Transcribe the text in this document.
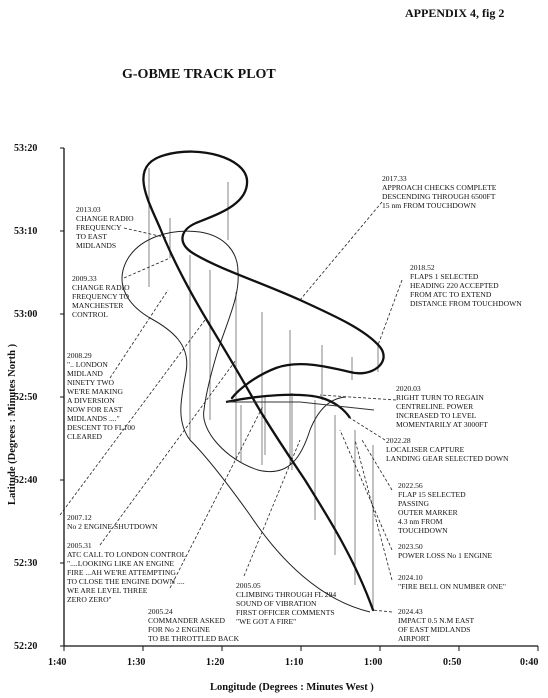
APPENDIX 4, fig 2
G-OBME TRACK PLOT
53:20
53:10
53:00
52:50
52:40
52:30
52:20
1:40	1:30	1:20	1:10	1:00	0:50	0:40
Longitude (Degrees : Minutes West )
Latitude (Degrees : Minutes North )
2013.03 CHANGE RADIO FREQUENCY TO EAST MIDLANDS
2009.33 CHANGE RADIO FREQUENCY TO MANCHESTER CONTROL
2008.29 ".. LONDON MIDLAND NINETY TWO WE'RE MAKING A DIVERSION NOW FOR EAST MIDLANDS ...." DESCENT TO FL100 CLEARED
2007.12 No 2 ENGINE SHUTDOWN
2005.31 ATC CALL TO LONDON CONTROL "....LOOKING LIKE AN ENGINE FIRE ...AH WE'RE ATTEMPTING TO CLOSE THE ENGINE DOWN .... WE ARE LEVEL THREE ZERO ZERO"
2005.24 COMMANDER ASKED FOR No 2 ENGINE TO BE THROTTLED BACK
2005.05 CLIMBING THROUGH FL 294 SOUND OF VIBRATION FIRST OFFICER COMMENTS "WE GOT A FIRE"
2017.33 APPROACH CHECKS COMPLETE DESCENDING THROUGH 6500FT 15 nm FROM TOUCHDOWN
2018.52 FLAPS 1 SELECTED HEADING 220 ACCEPTED FROM ATC TO EXTEND DISTANCE FROM TOUCHDOWN
2020.03 RIGHT TURN TO REGAIN CENTRELINE. POWER INCREASED TO LEVEL MOMENTARILY AT 3000FT
2022.28 LOCALISER CAPTURE LANDING GEAR SELECTED DOWN
2022.56 FLAP 15 SELECTED PASSING OUTER MARKER 4.3 nm FROM TOUCHDOWN
2023.50 POWER LOSS No 1 ENGINE
2024.10 "FIRE BELL ON NUMBER ONE"
2024.43 IMPACT 0.5 N.M EAST OF EAST MIDLANDS AIRPORT
